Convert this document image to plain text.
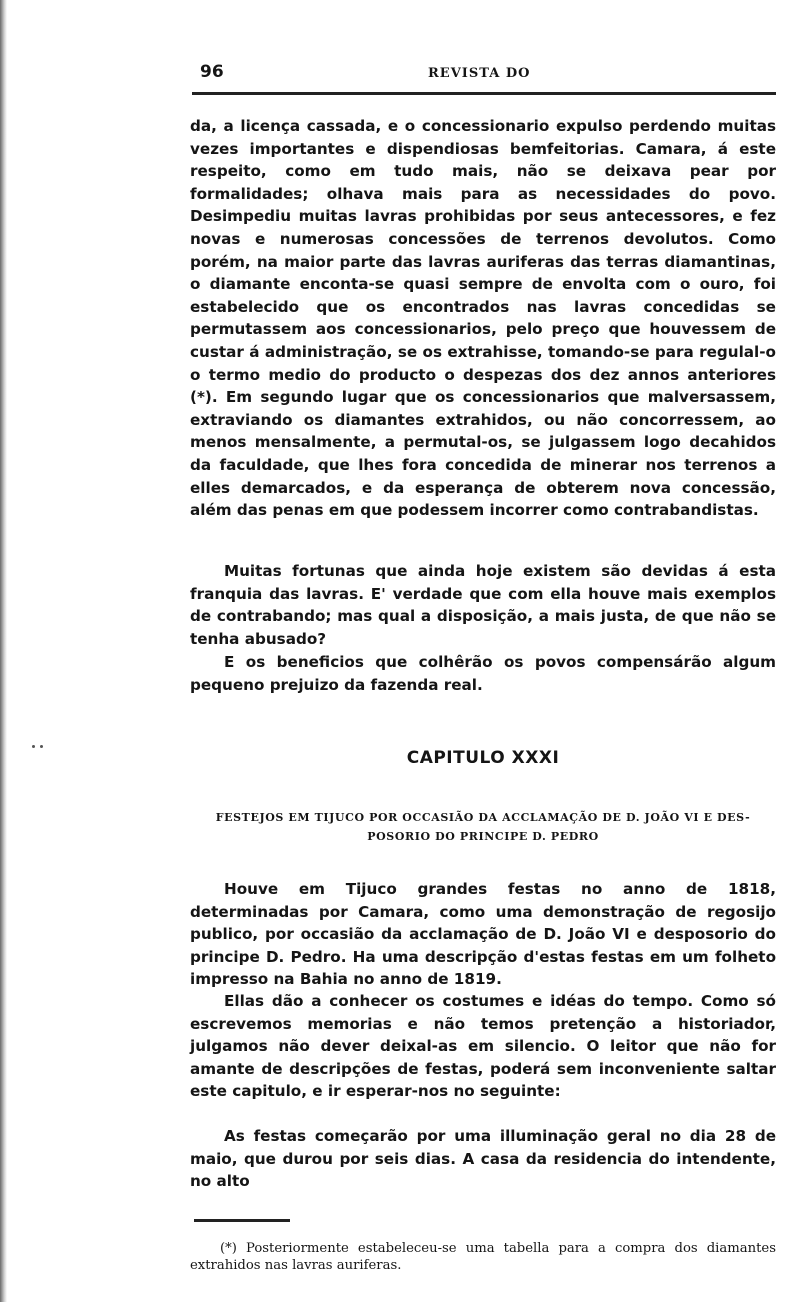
96	REVISTA DO

da, a licença cassada, e o concessionario expulso perdendo muitas vezes importantes e dispendiosas bemfeitorias. Camara, á este respeito, como em tudo mais, não se deixava pear por formalidades; olhava mais para as necessidades do povo. Desimpediu muitas lavras prohibidas por seus antecessores, e fez novas e numerosas concessões de terrenos devolutos. Como porém, na maior parte das lavras auriferas das terras diamantinas, o diamante enconta-se quasi sempre de envolta com o ouro, foi estabelecido que os encontrados nas lavras concedidas se permutassem aos concessionarios, pelo preço que houvessem de custar á administração, se os extrahisse, tomando-se para regulal-o o termo medio do producto o despezas dos dez annos anteriores (*). Em segundo lugar que os concessionarios que malversassem, extraviando os diamantes extrahidos, ou não concorressem, ao menos mensalmente, a permutal-os, se julgassem logo decahidos da faculdade, que lhes fora concedida de minerar nos terrenos a elles demarcados, e da esperança de obterem nova concessão, além das penas em que podessem incorrer como contrabandistas.

Muitas fortunas que ainda hoje existem são devidas á esta franquia das lavras. E' verdade que com ella houve mais exemplos de contrabando; mas qual a disposição, a mais justa, de que não se tenha abusado?

E os beneficios que colhêrão os povos compensárão algum pequeno prejuizo da fazenda real.

CAPITULO XXXI
FESTEJOS EM TIJUCO POR OCCASIÃO DA ACCLAMAÇÃO DE D. JOÃO VI E DES-
POSORIO DO PRINCIPE D. PEDRO

Houve em Tijuco grandes festas no anno de 1818, determinadas por Camara, como uma demonstração de regosijo publico, por occasião da acclamação de D. João VI e desposorio do principe D. Pedro. Ha uma descripção d'estas festas em um folheto impresso na Bahia no anno de 1819.

Ellas dão a conhecer os costumes e idéas do tempo. Como só escrevemos memorias e não temos pretenção a historiador, julgamos não dever deixal-as em silencio. O leitor que não for amante de descripções de festas, poderá sem inconveniente saltar este capitulo, e ir esperar-nos no seguinte:

As festas começarão por uma illuminação geral no dia 28 de maio, que durou por seis dias. A casa da residencia do intendente, no alto

(*) Posteriormente estabeleceu-se uma tabella para a compra dos diamantes extrahidos nas lavras auriferas.
